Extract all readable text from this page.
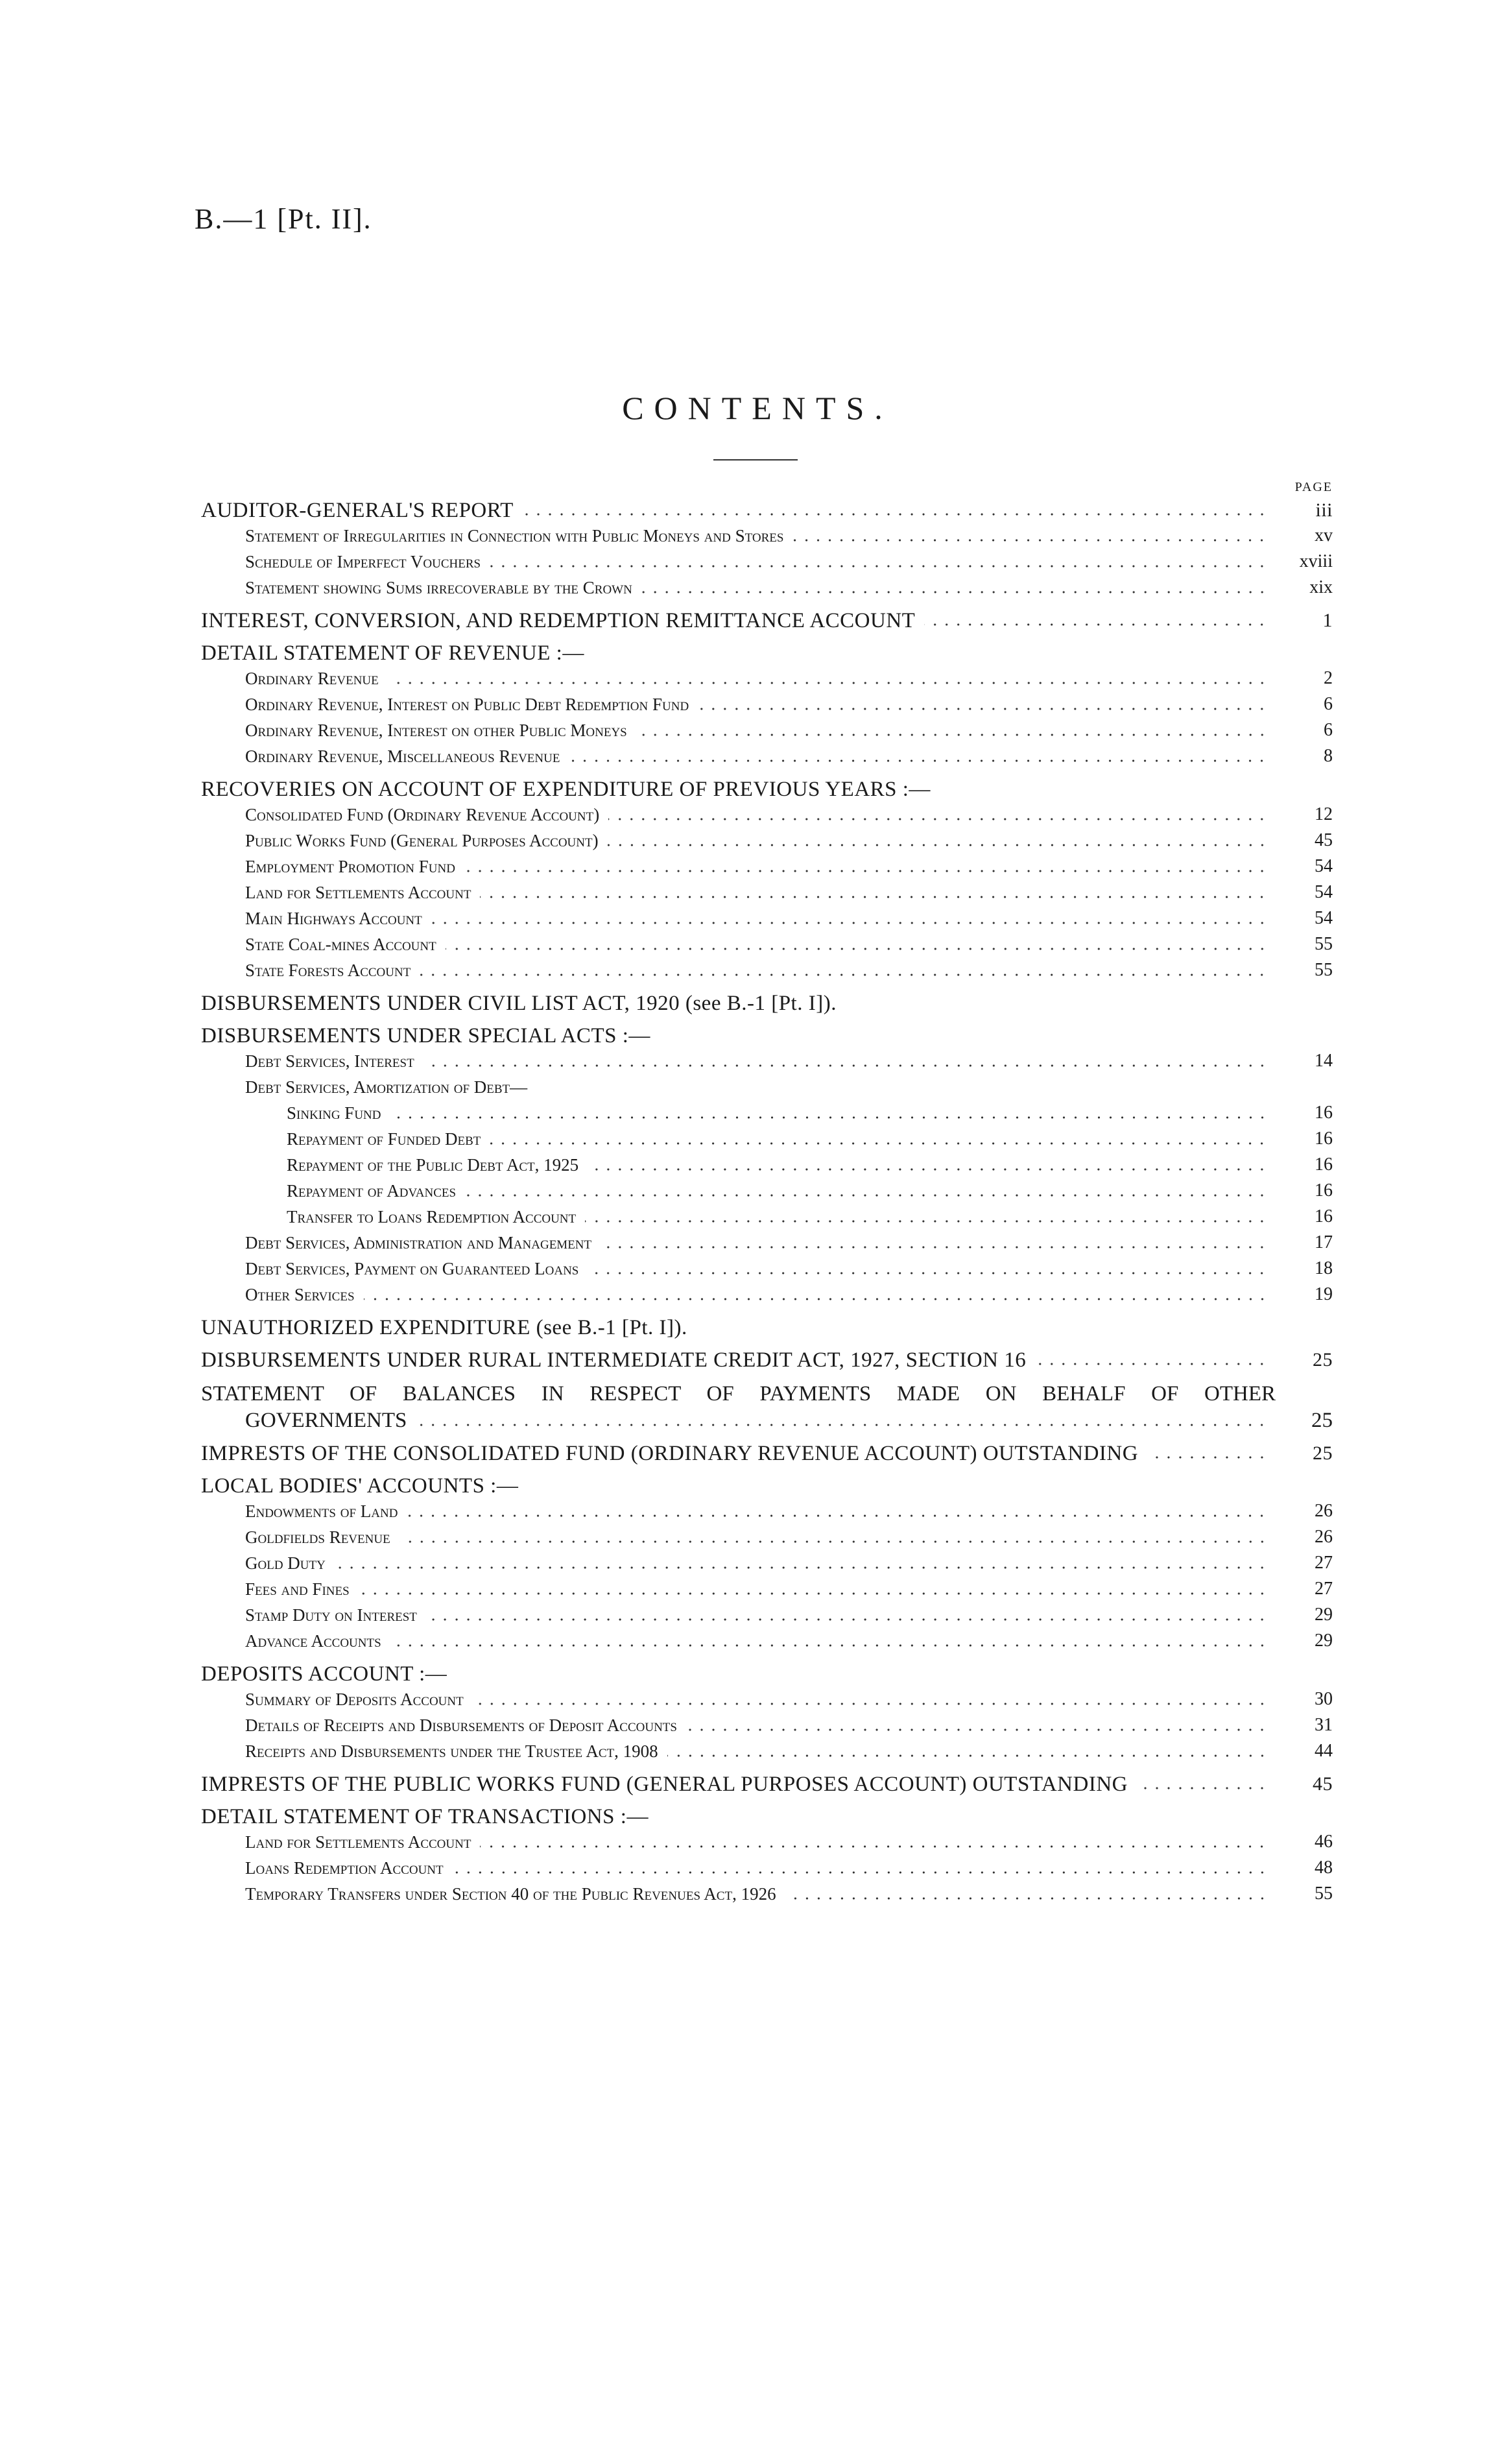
B.—1 [Pt. II].
CONTENTS.
PAGE
AUDITOR-GENERAL'S REPORT	iii
Statement of Irregularities in Connection with Public Moneys and Stores	xv
Schedule of Imperfect Vouchers	xviii
Statement showing Sums irrecoverable by the Crown	xix
INTEREST, CONVERSION, AND REDEMPTION REMITTANCE ACCOUNT	1
DETAIL STATEMENT OF REVENUE :—
Ordinary Revenue	2
Ordinary Revenue, Interest on Public Debt Redemption Fund	6
Ordinary Revenue, Interest on other Public Moneys	6
Ordinary Revenue, Miscellaneous Revenue	8
RECOVERIES ON ACCOUNT OF EXPENDITURE OF PREVIOUS YEARS :—
Consolidated Fund (Ordinary Revenue Account)	12
Public Works Fund (General Purposes Account)	45
Employment Promotion Fund	54
Land for Settlements Account	54
Main Highways Account	54
State Coal-mines Account	55
State Forests Account	55
DISBURSEMENTS UNDER CIVIL LIST ACT, 1920 (see B.-1 [Pt. I]).
DISBURSEMENTS UNDER SPECIAL ACTS :—
Debt Services, Interest	14
Debt Services, Amortization of Debt—
Sinking Fund	16
Repayment of Funded Debt	16
Repayment of the Public Debt Act, 1925	16
Repayment of Advances	16
Transfer to Loans Redemption Account	16
Debt Services, Administration and Management	17
Debt Services, Payment on Guaranteed Loans	18
Other Services	19
UNAUTHORIZED EXPENDITURE (see B.-1 [Pt. I]).
DISBURSEMENTS UNDER RURAL INTERMEDIATE CREDIT ACT, 1927, SECTION 16	25
STATEMENT OF BALANCES IN RESPECT OF PAYMENTS MADE ON BEHALF OF OTHER
GOVERNMENTS	25
IMPRESTS OF THE CONSOLIDATED FUND (ORDINARY REVENUE ACCOUNT) OUTSTANDING	25
LOCAL BODIES' ACCOUNTS :—
Endowments of Land	26
Goldfields Revenue	26
Gold Duty	27
Fees and Fines	27
Stamp Duty on Interest	29
Advance Accounts	29
DEPOSITS ACCOUNT :—
Summary of Deposits Account	30
Details of Receipts and Disbursements of Deposit Accounts	31
Receipts and Disbursements under the Trustee Act, 1908	44
IMPRESTS OF THE PUBLIC WORKS FUND (GENERAL PURPOSES ACCOUNT) OUTSTANDING	45
DETAIL STATEMENT OF TRANSACTIONS :—
Land for Settlements Account	46
Loans Redemption Account	48
Temporary Transfers under Section 40 of the Public Revenues Act, 1926	55
